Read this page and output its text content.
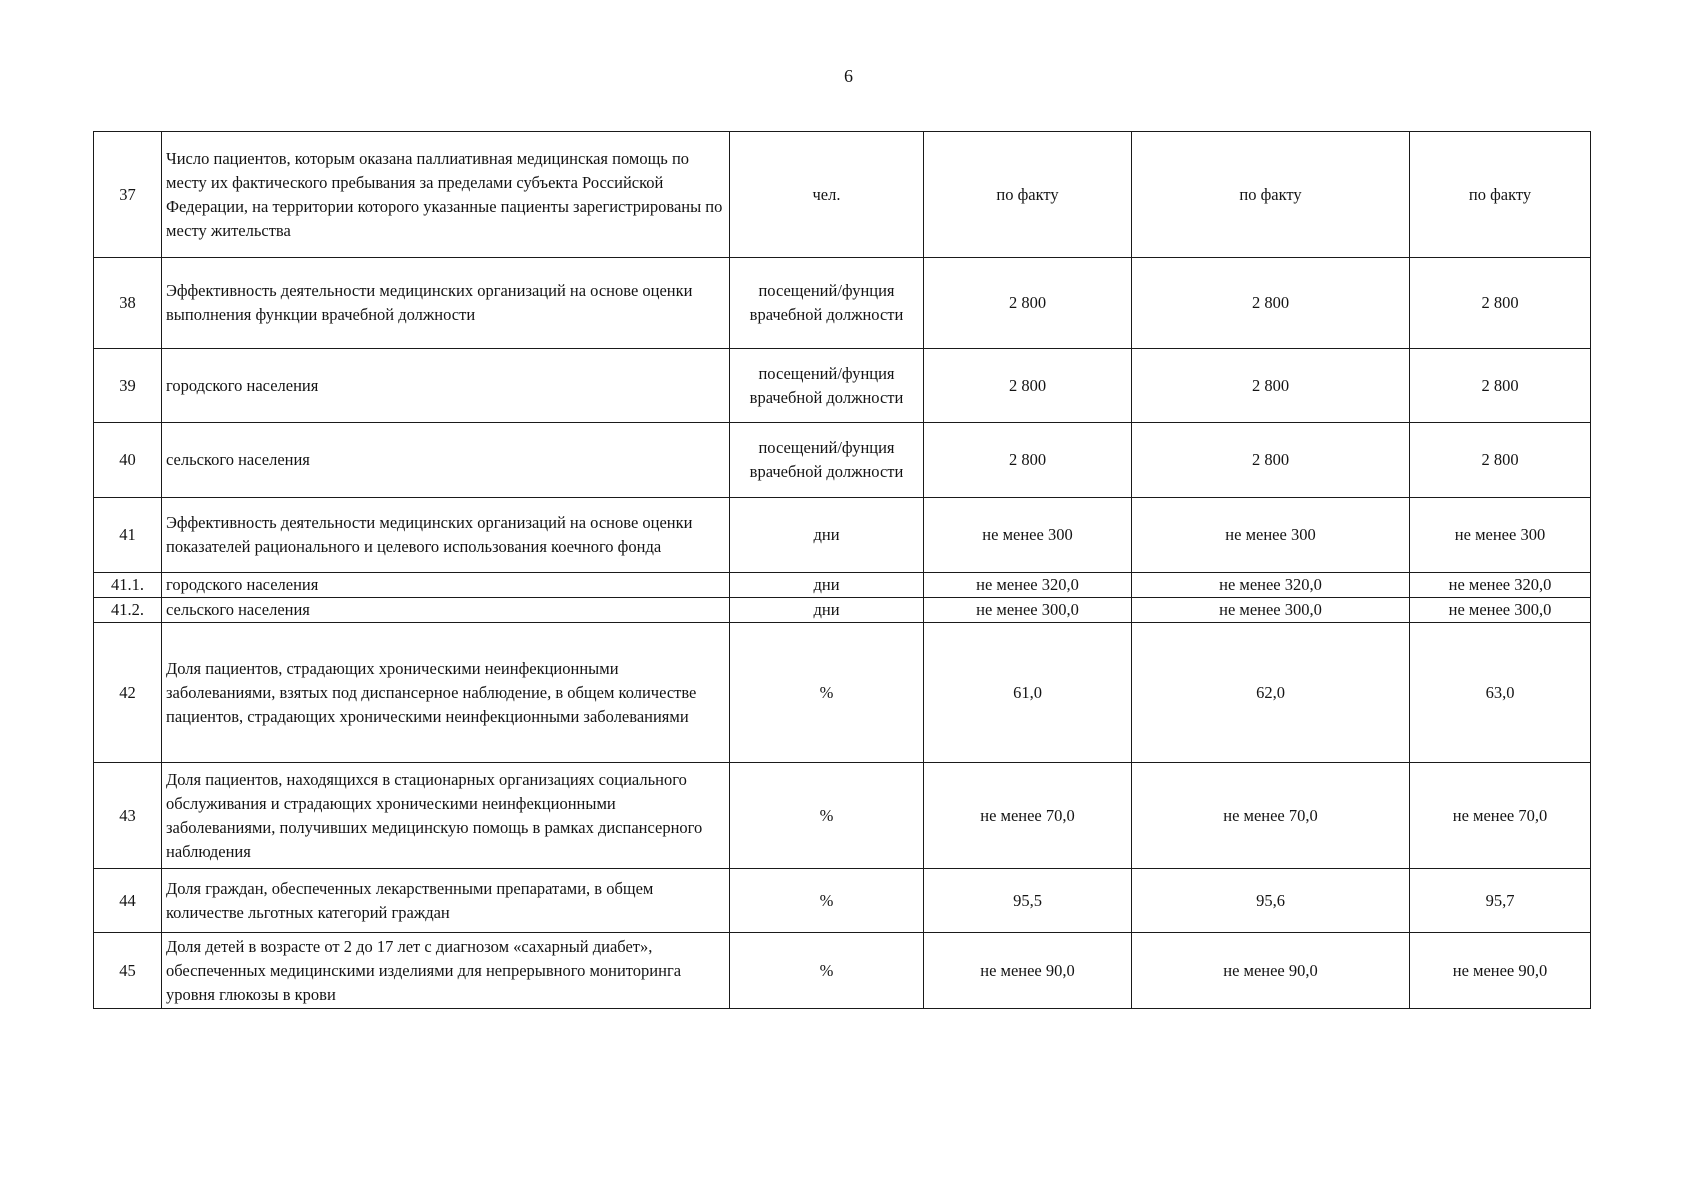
6
37	Число пациентов, которым оказана паллиативная медицинская помощь по месту их фактического пребывания за пределами субъекта Российской Федерации, на территории которого указанные пациенты зарегистрированы по месту жительства	чел.	по факту	по факту	по факту
38	Эффективность деятельности медицинских организаций на основе оценки выполнения функции врачебной должности	посещений/фунция врачебной должности	2 800	2 800	2 800
39	городского населения	посещений/фунция врачебной должности	2 800	2 800	2 800
40	сельского населения	посещений/фунция врачебной должности	2 800	2 800	2 800
41	Эффективность деятельности медицинских организаций на основе оценки показателей рационального и целевого использования коечного фонда	дни	не менее 300	не менее 300	не менее 300
41.1.	городского населения	дни	не менее 320,0	не менее 320,0	не менее 320,0
41.2.	сельского населения	дни	не менее 300,0	не менее 300,0	не менее 300,0
42	Доля пациентов, страдающих хроническими неинфекционными заболеваниями, взятых под диспансерное наблюдение, в общем количестве пациентов, страдающих хроническими неинфекционными заболеваниями	%	61,0	62,0	63,0
43	Доля пациентов, находящихся в стационарных организациях социального обслуживания и страдающих хроническими неинфекционными заболеваниями, получивших медицинскую помощь в рамках диспансерного наблюдения	%	не менее 70,0	не менее 70,0	не менее 70,0
44	Доля граждан, обеспеченных лекарственными препаратами, в общем количестве льготных категорий граждан	%	95,5	95,6	95,7
45	Доля детей в возрасте от 2 до 17 лет с диагнозом «сахарный диабет», обеспеченных медицинскими изделиями для непрерывного мониторинга уровня глюкозы в крови	%	не менее 90,0	не менее 90,0	не менее 90,0
